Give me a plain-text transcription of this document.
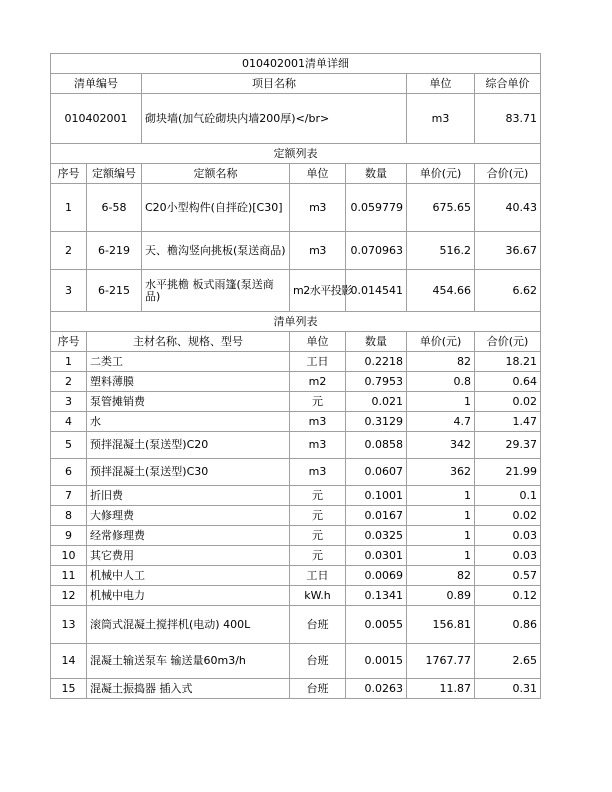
010402001清单详细						
清单编号		项目名称			单位	综合单价
010402001		砌块墙(加气砼砌块内墙200厚)</br>			m3	83.71
定额列表						
序号	定额编号	定额名称	单位	数量	单价(元)	合价(元)
1	6-58	C20小型构件(自拌砼)[C30]	m3	0.059779	675.65	40.43
2	6-219	天、檐沟竖向挑板(泵送商品)	m3	0.070963	516.2	36.67
3	6-215	水平挑檐 板式雨篷(泵送商品)	m2水平投影	0.014541	454.66	6.62
清单列表						
序号	主材名称、规格、型号		单位	数量	单价(元)	合价(元)
1	二类工		工日	0.2218	82	18.21
2	塑料薄膜		m2	0.7953	0.8	0.64
3	泵管摊销费		元	0.021	1	0.02
4	水		m3	0.3129	4.7	1.47
5	预拌混凝土(泵送型)C20		m3	0.0858	342	29.37
6	预拌混凝土(泵送型)C30		m3	0.0607	362	21.99
7	折旧费		元	0.1001	1	0.1
8	大修理费		元	0.0167	1	0.02
9	经常修理费		元	0.0325	1	0.03
10	其它费用		元	0.0301	1	0.03
11	机械中人工		工日	0.0069	82	0.57
12	机械中电力		kW.h	0.1341	0.89	0.12
13	滚筒式混凝土搅拌机(电动) 400L		台班	0.0055	156.81	0.86
14	混凝土输送泵车 输送量60m3/h		台班	0.0015	1767.77	2.65
15	混凝土振捣器 插入式		台班	0.0263	11.87	0.31
